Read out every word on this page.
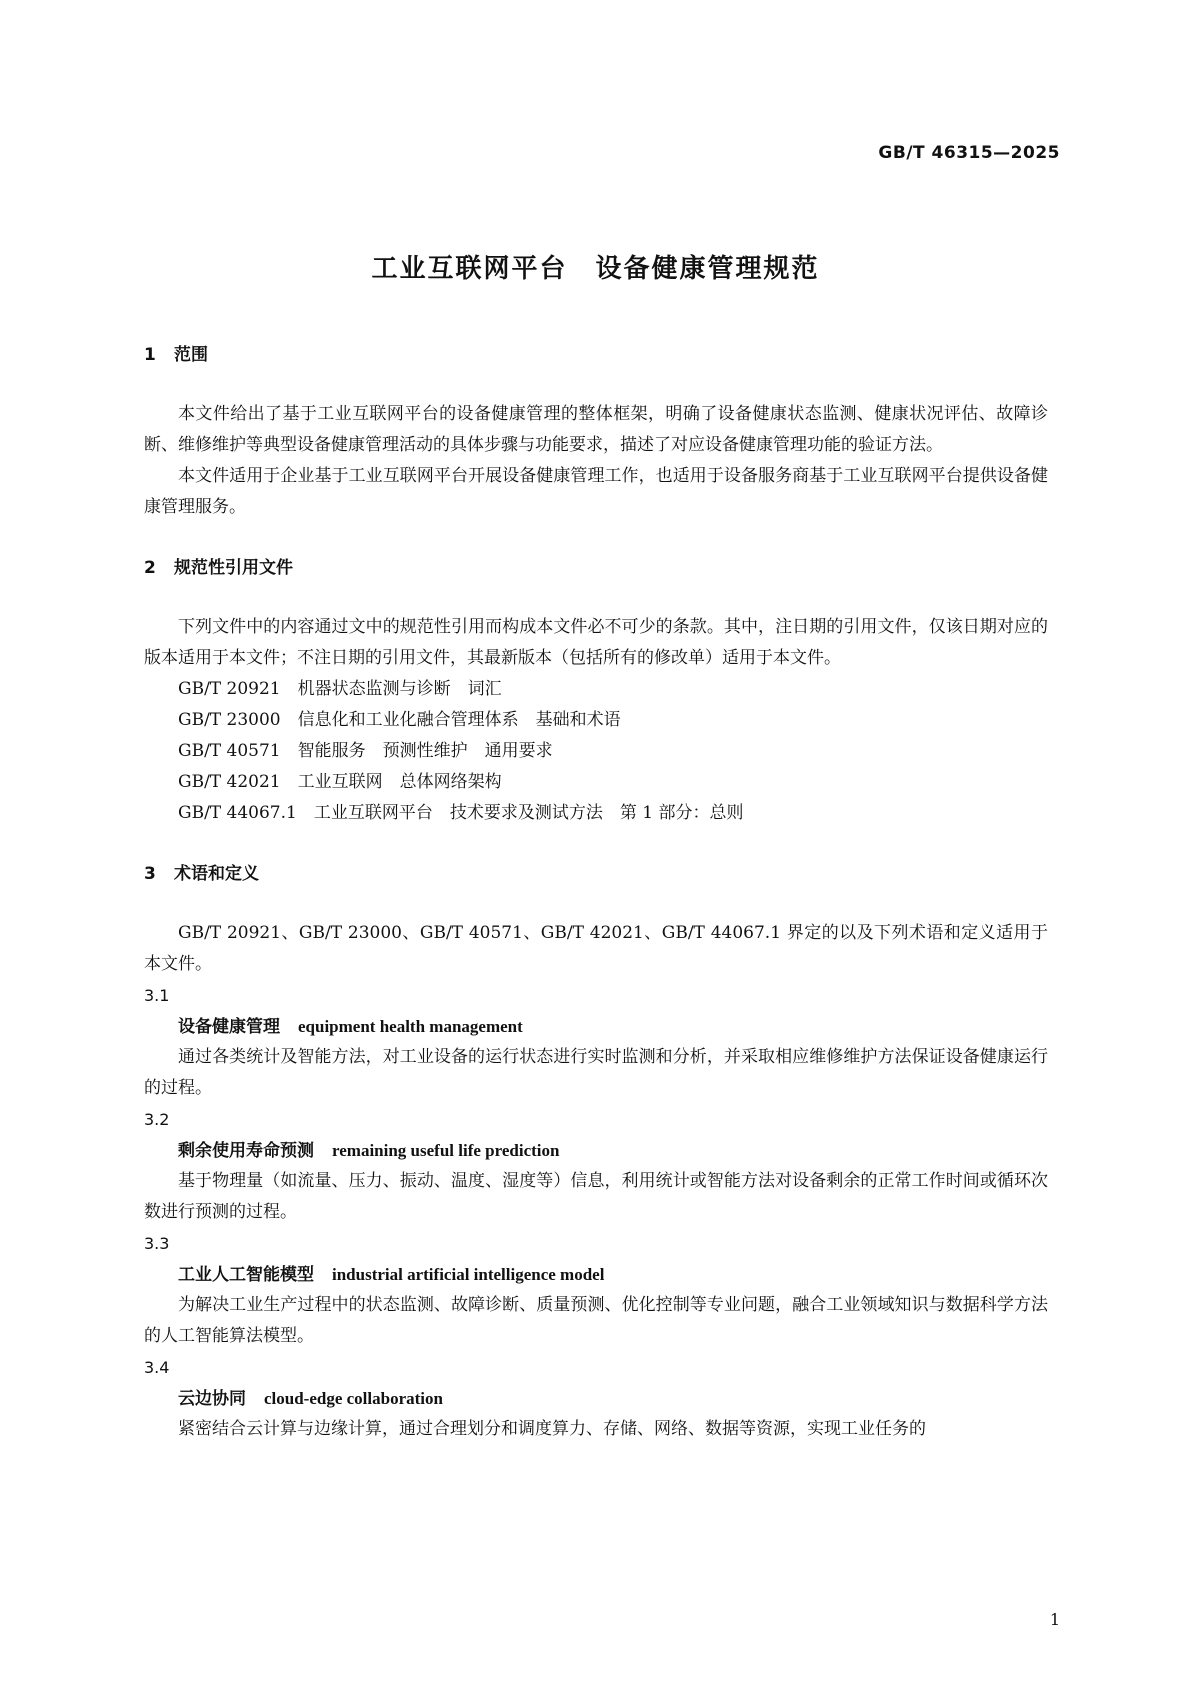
GB/T 46315—2025
工业互联网平台　设备健康管理规范
1	范围

本文件给出了基于工业互联网平台的设备健康管理的整体框架，明确了设备健康状态监测、健康状况评估、故障诊断、维修维护等典型设备健康管理活动的具体步骤与功能要求，描述了对应设备健康管理功能的验证方法。

本文件适用于企业基于工业互联网平台开展设备健康管理工作，也适用于设备服务商基于工业互联网平台提供设备健康管理服务。

2	规范性引用文件

下列文件中的内容通过文中的规范性引用而构成本文件必不可少的条款。其中，注日期的引用文件，仅该日期对应的版本适用于本文件；不注日期的引用文件，其最新版本（包括所有的修改单）适用于本文件。

GB/T 20921　机器状态监测与诊断　词汇
GB/T 23000　信息化和工业化融合管理体系　基础和术语
GB/T 40571　智能服务　预测性维护　通用要求
GB/T 42021　工业互联网　总体网络架构
GB/T 44067.1　工业互联网平台　技术要求及测试方法　第 1 部分：总则
3	术语和定义

GB/T 20921、GB/T 23000、GB/T 40571、GB/T 42021、GB/T 44067.1 界定的以及下列术语和定义适用于本文件。

3.1
设备健康管理 equipment health management

通过各类统计及智能方法，对工业设备的运行状态进行实时监测和分析，并采取相应维修维护方法保证设备健康运行的过程。

3.2
剩余使用寿命预测 remaining useful life prediction

基于物理量（如流量、压力、振动、温度、湿度等）信息，利用统计或智能方法对设备剩余的正常工作时间或循环次数进行预测的过程。

3.3
工业人工智能模型 industrial artificial intelligence model

为解决工业生产过程中的状态监测、故障诊断、质量预测、优化控制等专业问题，融合工业领域知识与数据科学方法的人工智能算法模型。

3.4
云边协同 cloud-edge collaboration

紧密结合云计算与边缘计算，通过合理划分和调度算力、存储、网络、数据等资源，实现工业任务的

1
